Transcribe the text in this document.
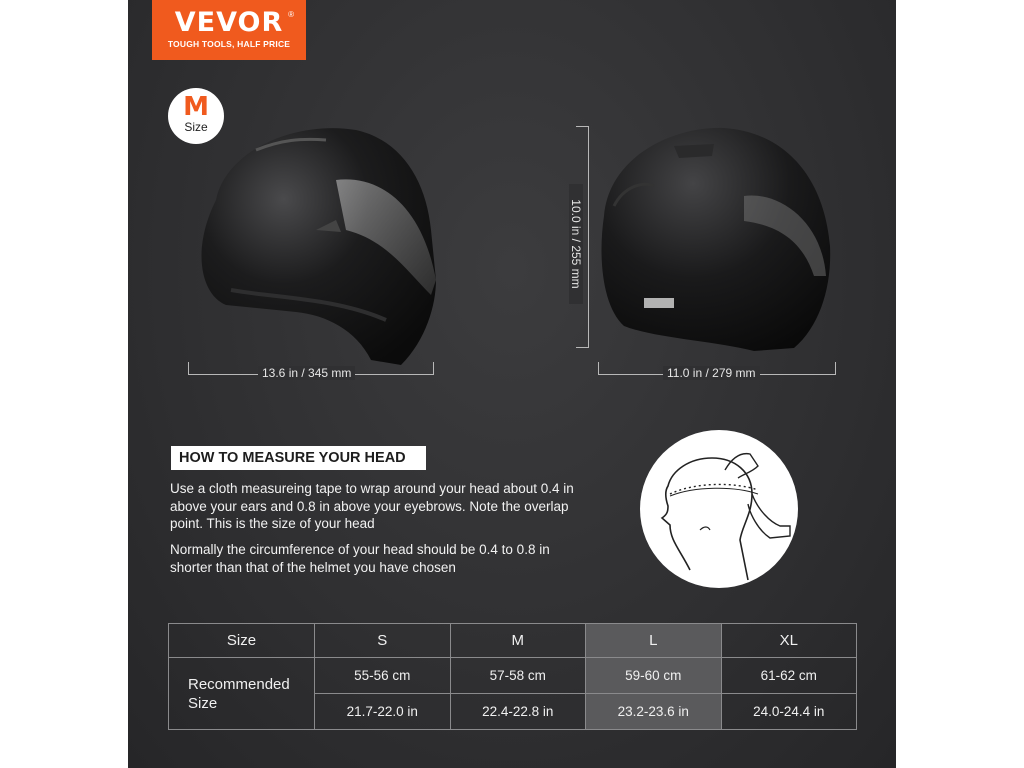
VEVOR ®
TOUGH TOOLS, HALF PRICE
M
Size
13.6 in / 345 mm
10.0 in / 255 mm
11.0 in / 279 mm
HOW TO MEASURE YOUR HEAD

Use a cloth measureing tape to wrap around your head about 0.4 in above your ears and 0.8 in above your eyebrows. Note the overlap point. This is the size of your head

Normally the circumference of your head should be 0.4 to 0.8 in shorter than that of the helmet you have chosen

Size	S	M	L	XL
Recommended Size	55-56 cm	57-58 cm	59-60 cm	61-62 cm
	21.7-22.0 in	22.4-22.8 in	23.2-23.6 in	24.0-24.4 in
